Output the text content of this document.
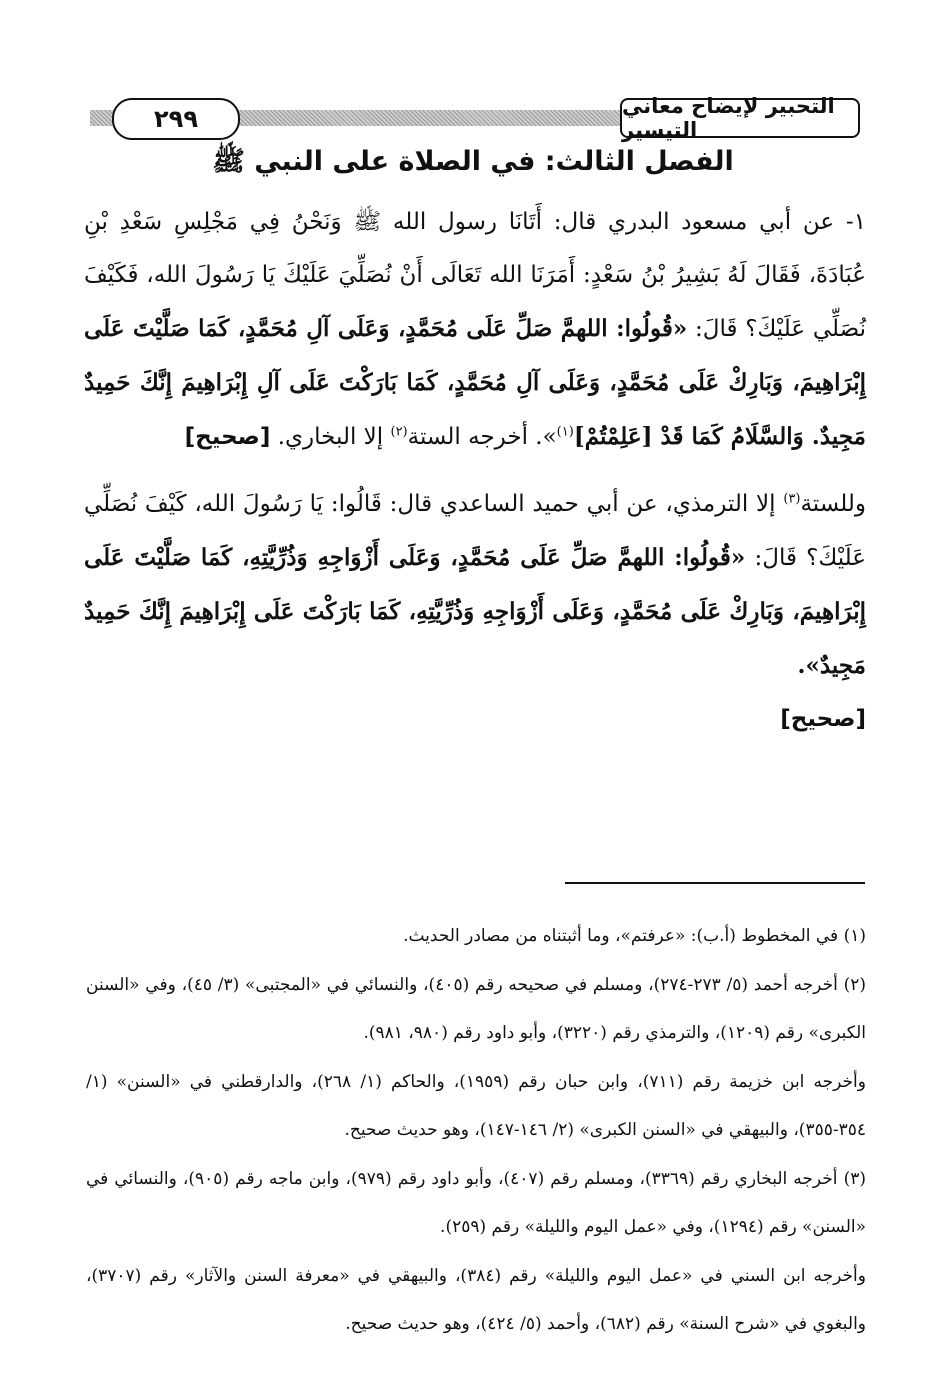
٢٩٩	التحبير لإيضاح معاني التيسير
الفصل الثالث: في الصلاة على النبي ﷺ
١- عن أبي مسعود البدري قال: أَتَانَا رسول الله ﷺ وَنَحْنُ فِي مَجْلِسِ سَعْدِ بْنِ عُبَادَةَ، فَقَالَ لَهُ بَشِيرُ بْنُ سَعْدٍ: أَمَرَنَا الله تَعَالَى أَنْ نُصَلِّيَ عَلَيْكَ يَا رَسُولَ الله، فَكَيْفَ نُصَلِّي عَلَيْكَ؟ قَالَ: «قُولُوا: اللهمَّ صَلِّ عَلَى مُحَمَّدٍ، وَعَلَى آلِ مُحَمَّدٍ، كَمَا صَلَّيْتَ عَلَى إِبْرَاهِيمَ، وَبَارِكْ عَلَى مُحَمَّدٍ، وَعَلَى آلِ مُحَمَّدٍ، كَمَا بَارَكْتَ عَلَى آلِ إِبْرَاهِيمَ إِنَّكَ حَمِيدٌ مَجِيدٌ. وَالسَّلَامُ كَمَا قَدْ [عَلِمْتُمْ]$^{(١)}$». أخرجه الستة$^{(٢)}$ إلا البخاري. [صحيح]
وللستة$^{(٣)}$ إلا الترمذي، عن أبي حميد الساعدي قال: قَالُوا: يَا رَسُولَ الله، كَيْفَ نُصَلِّي عَلَيْكَ؟ قَالَ: «قُولُوا: اللهمَّ صَلِّ عَلَى مُحَمَّدٍ، وَعَلَى أَزْوَاجِهِ وَذُرِّيَّتِهِ، كَمَا صَلَّيْتَ عَلَى إِبْرَاهِيمَ، وَبَارِكْ عَلَى مُحَمَّدٍ، وَعَلَى أَزْوَاجِهِ وَذُرِّيَّتِهِ، كَمَا بَارَكْتَ عَلَى إِبْرَاهِيمَ إِنَّكَ حَمِيدٌ مَجِيدٌ».
[صحيح]

(١) في المخطوط (أ.ب): «عرفتم»، وما أثبتناه من مصادر الحديث.

(٢) أخرجه أحمد (٥/ ٢٧٣-٢٧٤)، ومسلم في صحيحه رقم (٤٠٥)، والنسائي في «المجتبى» (٣/ ٤٥)، وفي «السنن الكبرى» رقم (١٢٠٩)، والترمذي رقم (٣٢٢٠)، وأبو داود رقم (٩٨٠، ٩٨١).

وأخرجه ابن خزيمة رقم (٧١١)، وابن حبان رقم (١٩٥٩)، والحاكم (١/ ٢٦٨)، والدارقطني في «السنن» (١/ ٣٥٤-٣٥٥)، والبيهقي في «السنن الكبرى» (٢/ ١٤٦-١٤٧)، وهو حديث صحيح.

(٣) أخرجه البخاري رقم (٣٣٦٩)، ومسلم رقم (٤٠٧)، وأبو داود رقم (٩٧٩)، وابن ماجه رقم (٩٠٥)، والنسائي في «السنن» رقم (١٢٩٤)، وفي «عمل اليوم والليلة» رقم (٢٥٩).

وأخرجه ابن السني في «عمل اليوم والليلة» رقم (٣٨٤)، والبيهقي في «معرفة السنن والآثار» رقم (٣٧٠٧)، والبغوي في «شرح السنة» رقم (٦٨٢)، وأحمد (٥/ ٤٢٤)، وهو حديث صحيح.
